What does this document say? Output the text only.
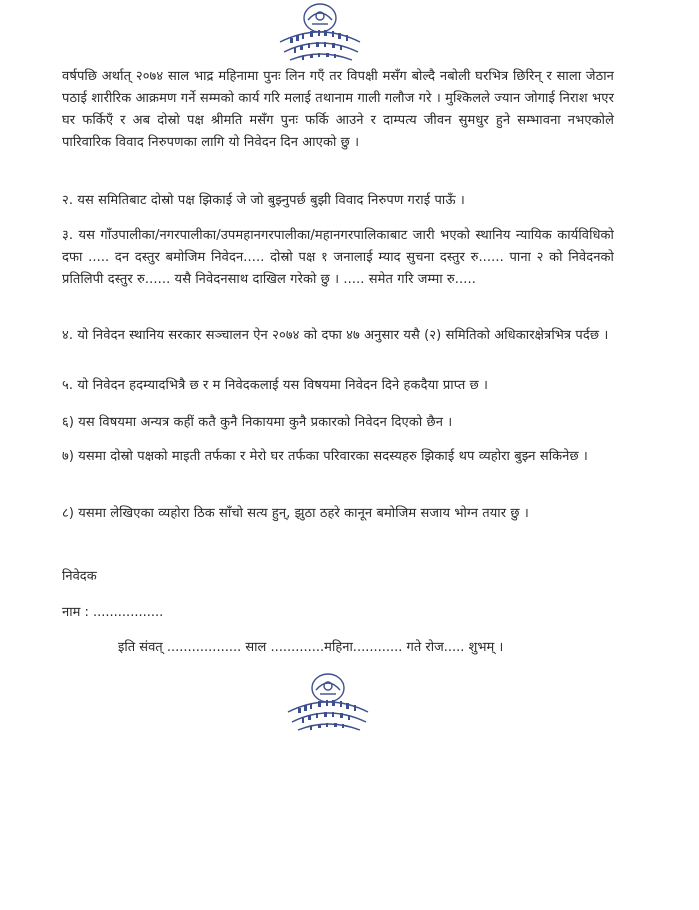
वर्षपछि अर्थात् २०७४ साल भाद्र महिनामा पुनः लिन गएँ तर विपक्षी मसँग बोल्दै नबोली घरभित्र छिरिन् र साला जेठान पठाई शारीरिक आक्रमण गर्ने सम्मको कार्य गरि मलाई तथानाम गाली गलौज गरे । मुश्किलले ज्यान जोगाई निराश भएर घर फर्किएँ र अब दोस्रो पक्ष श्रीमति मसँग पुनः फर्कि आउने र दाम्पत्य जीवन सुमधुर हुने सम्भावना नभएकोले पारिवारिक विवाद निरुपणका लागि यो निवेदन दिन आएको छु ।

२. यस समितिबाट दोस्रो पक्ष झिकाई जे जो बुझ्नुपर्छ बुझी विवाद निरुपण गराई पाऊँ ।

३. यस गाँउपालीका/नगरपालीका/उपमहानगरपालीका/महानगरपालिकाबाट जारी भएको स्थानिय न्यायिक कार्यविधिको दफा ..... दन दस्तुर बमोजिम निवेदन..... दोस्रो पक्ष १ जनालाई म्याद सुचना दस्तुर रु...... पाना २ को निवेदनको प्रतिलिपी दस्तुर रु...... यसै निवेदनसाथ दाखिल गरेको छु । ..... समेत गरि जम्मा रु.....

४. यो निवेदन स्थानिय सरकार सञ्चालन ऐन २०७४ को दफा ४७ अनुसार यसै (२) समितिको अधिकारक्षेत्रभित्र पर्दछ ।

५. यो निवेदन हदम्यादभित्रै छ र म निवेदकलाई यस विषयमा निवेदन दिने हकदैया प्राप्त छ ।

६) यस विषयमा अन्यत्र कहीं कतै कुनै निकायमा कुनै प्रकारको निवेदन दिएको छैन ।

७) यसमा दोस्रो पक्षको माइती तर्फका र मेरो घर तर्फका परिवारका सदस्यहरु झिकाई थप व्यहोरा बुझ्न सकिनेछ ।

८) यसमा लेखिएका व्यहोरा ठिक साँचो सत्य हुन्, झुठा ठहरे कानून बमोजिम सजाय भोग्न तयार छु ।

निवेदक
नाम : .................
इति संवत् .................. साल .............महिना............ गते रोज..... शुभम् ।
